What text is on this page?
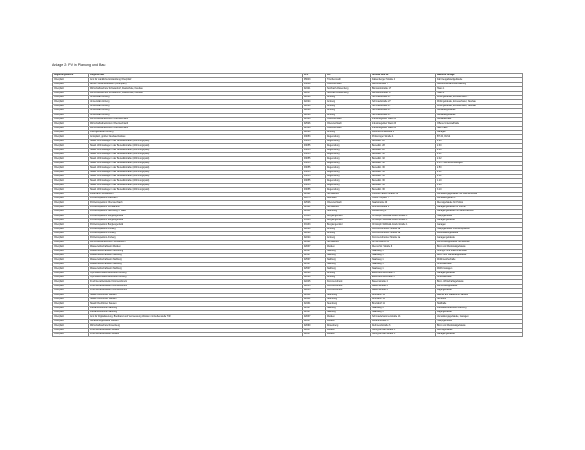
Anlage 2: PV in Planung und Bau
Regierungsbezirk	Liegenschaft	PLZ	Ort	Strasse und Nr.	bauliche Anlage
Oberpfalz	Amt für Ländliche Entwicklung Oberpfalz	95643	Tirschenreuth	Falkenberger Straße 4	Fahrzeugabstellgebäude
Oberpfalz	Bezirk. Gesundheitsamt (Oberpfalz)	93049	Oberviechtach	Bischofstraße 7	Gesundheitsamtsverwaltung
Oberpfalz	Wirtschaftsschule Schwandorf, Realschule, Neubau	92421	Sulzbach-Rosenberg	Bismarckstraße 17	Haus 1
Oberpfalz	Wirtschaftsschule Schwandorf, Realschule, Neubau	92237	Sulzbach-Rosenberg	Bismarckstraße 17	Haus 2
Oberpfalz	Universität Amberg	92224	Amberg	Schmiedstraße 27	Wohngebäude, Erneuerbarer...
Oberpfalz	Universität Amberg	92224	Amberg	Schmiedstraße 27	Wohngebäude, Erneuerbarer, Neubau
Oberpfalz	Universität Amberg	92224	Amberg	Schmiedstraße 27	Wohngebäude, Erneuerbarer, Neubau
Oberpfalz	Universität Amberg	92224	Amberg	Schmiedstraße 27	Gebäudegebäude
Oberpfalz	Universität Amberg	92224	Amberg	Schmiedstraße 27	Gebäudegebäude
Oberpfalz	Wirtschaftsdirektorium Oberviechtach	92526	Oberviechtach	Industriegebiet West 23	Gebäudehalle
Oberpfalz	Wirtschaftsdirektorium Oberviechtach	92526	Oberviechtach	Industriegebiet West 23	Offene Unterstellhalle
Oberpfalz	Wirtschaftsdirektorium Oberviechtach	92526	Oberviechtach	Industriegebiet West 23	Salz-Halle
Oberpfalz	Justizgebäude Amberg	92224	Amberg	Weinberndhästraße 2	Garagen
Oberpfalz	Amtsplatz, großer Neubau/Ausbau	93053	Regensburg	Prüfeninger Straße 4	BT 20, RLS2
Oberpfalz	Staatl. Wohnanlage in der Benedikstraße (Wohnungspakt)	93055	Regensburg	Benedikt. 28	2.20
Oberpfalz	Staatl. Wohnanlage in der Benedikstraße (Wohnungspakt)	93055	Regensburg	Benedikt. 28	2.30
Oberpfalz	Staatl. Wohnanlage in der Benedikstraße (Wohnungspakt)	93055	Regensburg	Benedikt. 28	2.40
Oberpfalz	Staatl. Wohnanlage in der Benedikstraße (Wohnungspakt)	93055	Regensburg	Benedikt. 32	2.41
Oberpfalz	Staatl. Wohnanlage in der Benedikstraße (Wohnungspakt)	93055	Regensburg	Benedikt. 32	2.42
Oberpfalz	Staatl. Wohnanlage in der Benedikstraße (Wohnungspakt)	93055	Regensburg	Benedikt. 32	2.43 - Gemeinschaftsgeb.
Oberpfalz	Staatl. Wohnanlage in der Benedikstraße (Wohnungspakt)	93055	Regensburg	Benedikt. 36	2.50
Oberpfalz	Staatl. Wohnanlage in der Benedikstraße (Wohnungspakt)	93055	Regensburg	Benedikt. 36	2.51
Oberpfalz	Staatl. Wohnanlage in der Benedikstraße (Wohnungspakt)	93055	Regensburg	Benedikt. 36	2.52
Oberpfalz	Staatl. Wohnanlage in der Benedikstraße (Wohnungspakt)	93055	Regensburg	Benedikt. 36	1.10
Oberpfalz	Staatl. Wohnanlage in der Benedikstraße (Wohnungspakt)	93055	Regensburg	Benedikt. 36	1.20
Oberpfalz	Staatl. Wohnanlage in der Benedikstraße (Wohnungspakt)	93055	Regensburg	Benedikt. 36	3.10
Oberpfalz	Finanzamt Schwandorf	92421	Schwandorf	Friedrich-Ebert-Straße 59	Verwaltungsgebäude mit Garnisonsbau
Oberpfalz	Polizeiinspektion Auerbach	91275	Auerbach	Obere Torplatz 7	Verwaltungsbau 3
Oberpfalz	Polizeiinspektion Oberviechtach	92526	Oberviechtach	Naabstraße 40	Dienstgebäude für Polizei
Oberpfalz	Polizeiinspektion Schwandorf	92421	Schwandorf	Brunnenstraße 1	Garagengebäude für Polizei
Oberpfalz	Polizeiinspektion Neunburg v. Wald	92431	Neunburg	Wiedenberg 4	Garagengebäude mit Nebenräumen
Oberpfalz	Polizeiinspektion Burglengenfeld	93133	Burglengenfeld	Christoph-Willibald-Gluck-Straße 1	Hauptgebäude
Oberpfalz	Polizeiinspektion Burglengenfeld	93133	Burglengenfeld	Christoph-Willibald-Gluck-Straße 1	Garagengebäude
Oberpfalz	Polizeiinspektion Burglengenfeld	93133	Burglengenfeld	Christoph-Willibald-Gluck-Straße 1	Garagen
Oberpfalz	Polizeiinspektion Amberg	92224	Amberg	Kümmersbrucker Straße 1a	Hauptgebäude Polizeiinspektion
Oberpfalz	Polizeiinspektion Amberg	92224	Amberg	Kümmersbrucker Straße 1a	Werkstättengebäude
Oberpfalz	Polizeiinspektion Amberg	92224	Amberg	Kümmersbrucker Straße 1a	Garagengebäude
Oberpfalz	Wirtschaftsdirektorium Schwandorf	92421	Schwandorf	An der Ellerts 45	Wirtschaftsgebäude Schwandorf
Oberpfalz	Wasserwirtschaftsamt Weiden	92637	Weiden	Dienst-Str. Straße 6	Büro und Werkstattgebäude
Oberpfalz	Wasserwirtschaftsamt Neunburg	92507	Nabburg	Naabweg 1	Übungs- und Maschinenhalle
Oberpfalz	Wasserwirtschaftsamt Nabburg	92507	Nabburg	Naabweg 1	Büro- und Werkstattgebäude
Oberpfalz	Wasserwirtschaftsamt Nabburg	92507	Nabburg	Naabweg 1	Wohlmestherhalle
Oberpfalz	Wasserwirtschaftsamt Nabburg	92507	Nabburg	Naabweg 1	Unterstellhalle
Oberpfalz	Wasserwirtschaftsamt Nabburg	92507	Nabburg	Naabweg 1	WWA Garagen
Oberpfalz	Gymnasiumsdienstbetriebe Amberg	92224	Amberg	Eisenhammerstraße 1	Garagengebäude
Oberpfalz	Gymnasiumsdienstbetriebe Amberg	92224	Amberg	Eisenhammerstraße 1	Unterstellhalle
Oberpfalz	Fruchtverarbeitstelle Kümmersbruck	92245	Kümmersbruck	Bauernstraße 4	Büro- Wirtschaftsgebäude
Oberpfalz	Fruchtverarbeitstelle Kümmersbruck	92245	Kümmersbruck	Bauernstraße 4	Wirtschaftsgebäude
Oberpfalz	Fruchtverarbeitstelle Kümmersbruck	92245	Kümmersbruck	Bauernstraße 4	Lagergebäude
Oberpfalz	Staatl Oberförster Sausen	92431	Neunburg	Bruckdorf 11	Bauhof am Staatsforst Sausen
Oberpfalz	Staatl Oberförster Sausen	92431	Neunburg	Bruckdorf 11	Scheune
Oberpfalz	Staatl Oberförster Sausen	92431	Neunburg	Bruckdorf 11	Stallhalle
Oberpfalz	Fluwahrsbetriebe Nabburg	92507	Nabburg	Naabweg 6	Flusswahrsbetriebe Nabburg
Oberpfalz	Fluwahrsbetriebe Nabburg	92507	Nabburg	Naabweg 6	Lagergebäude
Oberpfalz	Amt für Digitalisierung, Breitband und Vermessung Weiden mit Außenstelle TIR	92637	Weiden	Schmiedehammerstraße 1b	Verwaltungsgebäude, Garagen
Oberpfalz	Gerätkundigebäude Weiden	92637	Weiden	Ledererstraße 4	Hauptgebäude
Oberpfalz	Wirtschaftsschule Rosenberg	92690	Rosenberg	Rehmendstraße 6	Büro und Werkstattgebäude
Oberpfalz	Fruchtverarbeitstelle Weiden	92637	Weiden	Georg-Brösel-Straße 1	Dienstgebäude
Oberpfalz	Fruchtverarbeitstelle Weiden	92637	Weiden	Georg-Brösel-Straße 1	Garagengebäude
